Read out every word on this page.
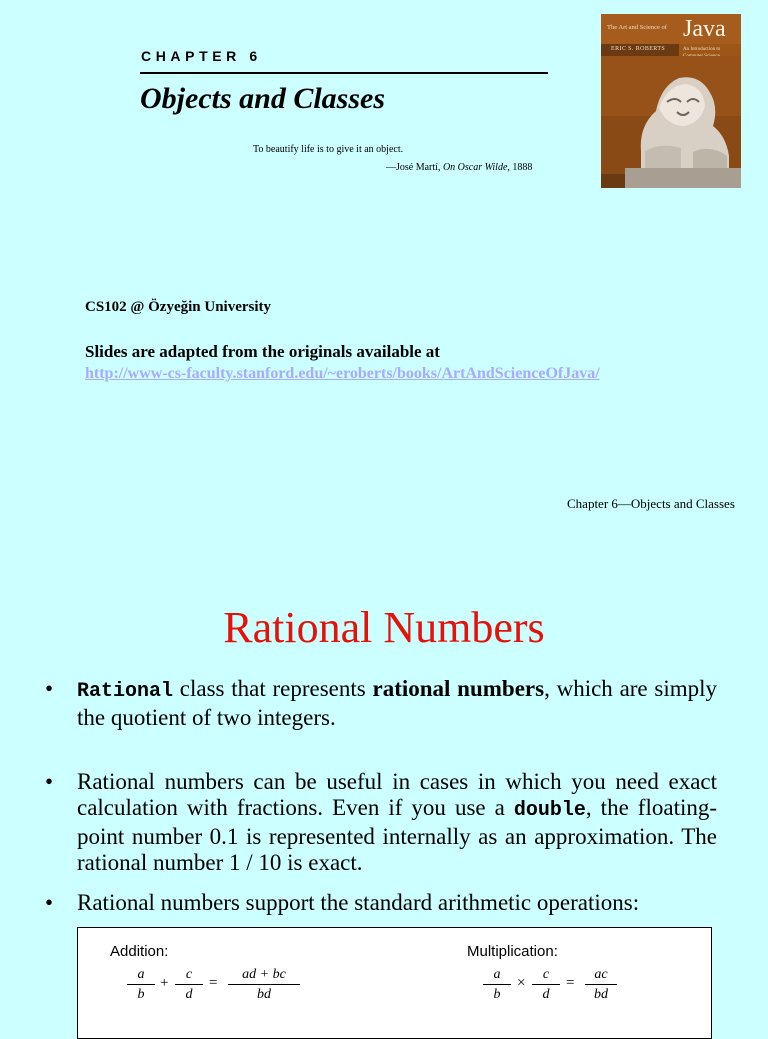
CHAPTER 6
Objects and Classes
To beautify life is to give it an object.
—José Martí, On Oscar Wilde, 1888
The Art and Science of Java
ERIC S. ROBERTS	An Introduction to
CS102 @ Özyeğin University
Slides are adapted from the originals available at
http://www-cs-faculty.stanford.edu/~eroberts/books/ArtAndScienceOfJava/
Chapter 6—Objects and Classes
Rational Numbers
• Rational class that represents rational numbers, which are simply the quotient of two integers.
• Rational numbers can be useful in cases in which you need exact calculation with fractions. Even if you use a double, the floating-point number 0.1 is represented internally as an approximation. The rational number 1 / 10 is exact.
• Rational numbers support the standard arithmetic operations:
Addition:
a
b
+
c
d
=
ad + bc
bd
Multiplication:
a
b
×
c
d
=
ac
bd
